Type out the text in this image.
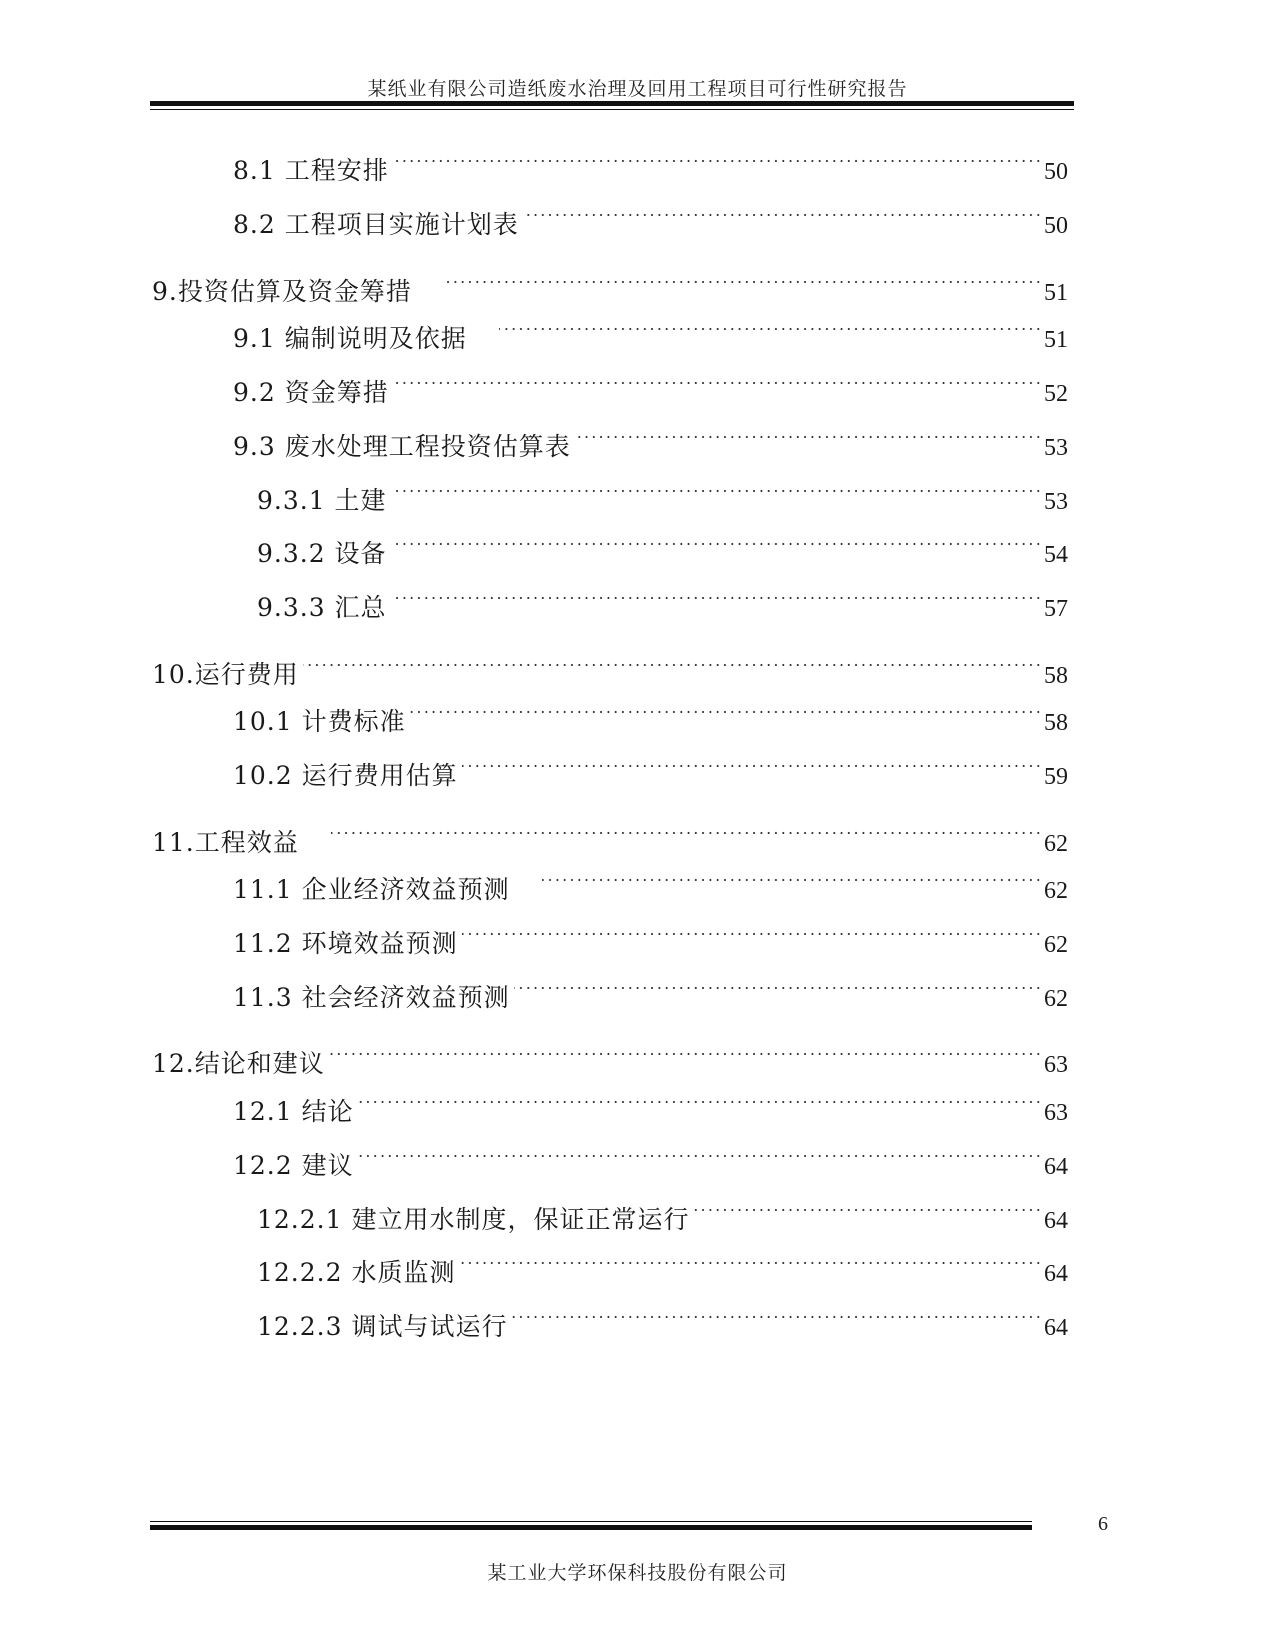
某纸业有限公司造纸废水治理及回用工程项目可行性研究报告
8.1 工程安排 .....	50
8.2 工程项目实施计划表 .....	50
9.投资估算及资金筹措 .....	51
9.1 编制说明及依据 .....	51
9.2 资金筹措 .....	52
9.3 废水处理工程投资估算表 .....	53
9.3.1 土建 .....	53
9.3.2 设备 .....	54
9.3.3 汇总 .....	57
10.运行费用 .....	58
10.1 计费标准 .....	58
10.2 运行费用估算 .....	59
11.工程效益 .....	62
11.1 企业经济效益预测 .....	62
11.2 环境效益预测 .....	62
11.3 社会经济效益预测 .....	62
12.结论和建议 .....	63
12.1 结论 .....	63
12.2 建议 .....	64
12.2.1 建立用水制度，保证正常运行 .....	64
12.2.2 水质监测 .....	64
12.2.3 调试与试运行 .....	64
6
某工业大学环保科技股份有限公司
